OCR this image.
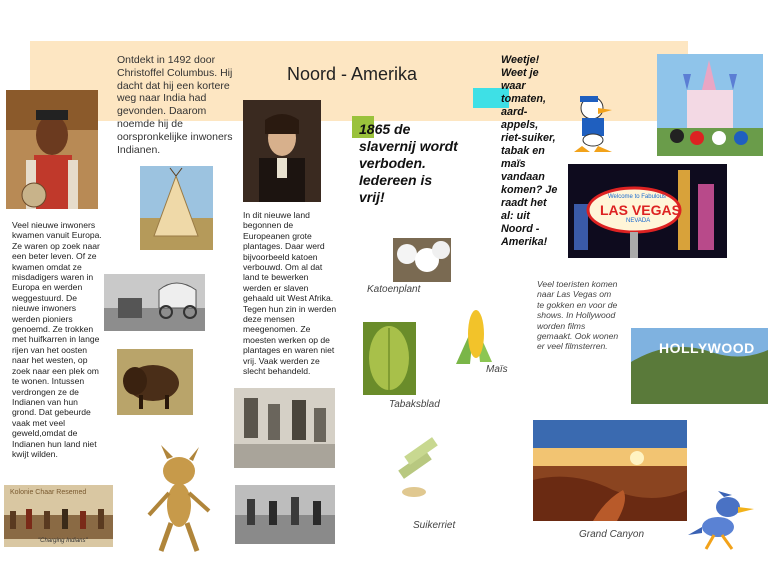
Noord - Amerika
Ontdekt in 1492 door Christoffel Columbus. Hij dacht dat hij een kortere weg naar India had gevonden. Daarom noemde hij de oorspronkelijke inwoners Indianen.
1865 de slavernij wordt verboden. Iedereen is vrij!
Weetje! Weet je waar tomaten, aard-appels, riet-suiker, tabak en maïs vandaan komen? Je raadt het al: uit Noord - Amerika!
Veel nieuwe inwoners kwamen vanuit Europa. Ze waren op zoek naar een beter leven. Of ze kwamen omdat ze misdadigers waren in Europa en werden weggestuurd. De nieuwe inwoners werden pioniers genoemd. Ze trokken met huifkarren in lange rijen van het oosten naar het westen, op zoek naar een plek om te wonen. Intussen verdrongen ze de Indianen van hun grond. Dat gebeurde vaak met veel geweld,omdat de Indianen hun land niet kwijt wilden.
In dit nieuwe land begonnen de Europeanen grote plantages. Daar werd bijvoorbeeld katoen verbouwd. Om al dat land te bewerken werden er slaven gehaald uit West Afrika. Tegen hun zin in werden deze mensen meegenomen. Ze moesten werken op de plantages en waren niet vrij. Vaak werden ze slecht behandeld.
Veel toeristen komen naar Las Vegas om te gokken en voor de shows. In Hollywood worden films gemaakt. Ook wonen er veel filmsterren.
Katoenplant
Maïs
Tabaksblad
Suikerriet
Grand Canyon
Kolonie Chaar Resemed
"Charging Indians"
Welcome to Fabulous
LAS VEGAS
NEVADA
HOLLYWOOD
